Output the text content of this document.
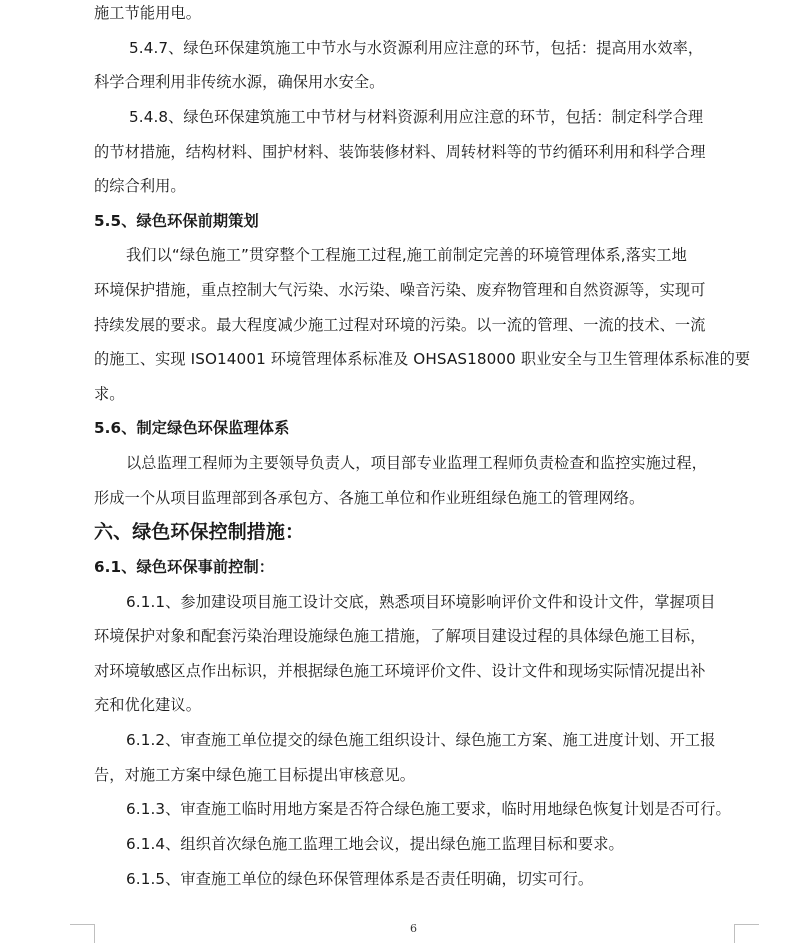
施工节能用电。
5.4.7、绿色环保建筑施工中节水与水资源利用应注意的环节，包括：提高用水效率，
科学合理利用非传统水源，确保用水安全。
5.4.8、绿色环保建筑施工中节材与材料资源利用应注意的环节，包括：制定科学合理
的节材措施，结构材料、围护材料、装饰装修材料、周转材料等的节约循环利用和科学合理
的综合利用。
5.5、绿色环保前期策划
我们以“绿色施工”贯穿整个工程施工过程,施工前制定完善的环境管理体系,落实工地
环境保护措施，重点控制大气污染、水污染、噪音污染、废弃物管理和自然资源等，实现可
持续发展的要求。最大程度减少施工过程对环境的污染。以一流的管理、一流的技术、一流
的施工、实现 ISO14001 环境管理体系标准及 OHSAS18000 职业安全与卫生管理体系标准的要
求。
5.6、制定绿色环保监理体系
以总监理工程师为主要领导负责人，项目部专业监理工程师负责检查和监控实施过程，
形成一个从项目监理部到各承包方、各施工单位和作业班组绿色施工的管理网络。
六、绿色环保控制措施：
6.1、绿色环保事前控制：
6.1.1、参加建设项目施工设计交底，熟悉项目环境影响评价文件和设计文件，掌握项目
环境保护对象和配套污染治理设施绿色施工措施，了解项目建设过程的具体绿色施工目标，
对环境敏感区点作出标识，并根据绿色施工环境评价文件、设计文件和现场实际情况提出补
充和优化建议。
6.1.2、审查施工单位提交的绿色施工组织设计、绿色施工方案、施工进度计划、开工报
告，对施工方案中绿色施工目标提出审核意见。
6.1.3、审查施工临时用地方案是否符合绿色施工要求，临时用地绿色恢复计划是否可行。
6.1.4、组织首次绿色施工监理工地会议，提出绿色施工监理目标和要求。
6.1.5、审查施工单位的绿色环保管理体系是否责任明确，切实可行。
6
